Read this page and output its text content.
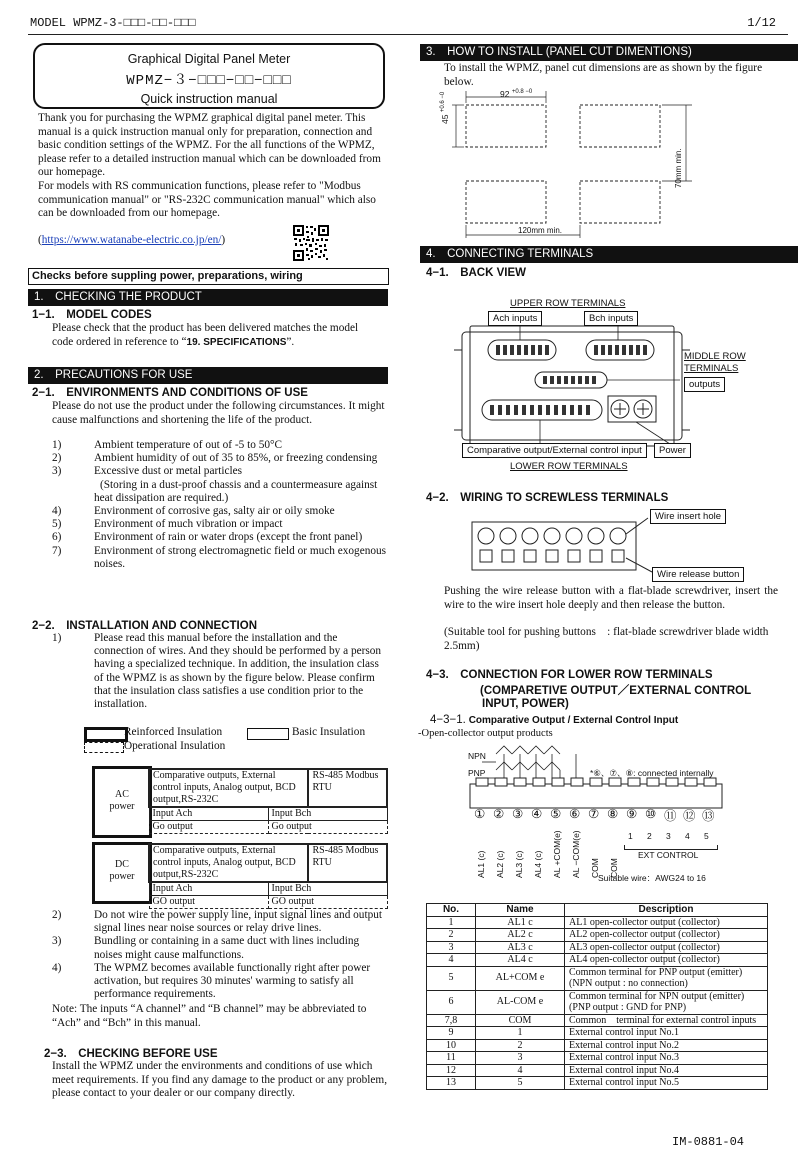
MODEL WPMZ-3-□□□-□□-□□□	1/12
Graphical Digital Panel Meter
WPMZ−３−□□□−□□−□□□
Quick instruction manual
Thank you for purchasing the WPMZ graphical digital panel meter. This manual is a quick instruction manual only for preparation, connection and basic condition settings of the WPMZ. For the all functions of the WPMZ, please refer to a detailed instruction manual which can be downloaded from our homepage.
For models with RS communication functions, please refer to "Modbus communication manual" or "RS-232C communication manual" which also can be downloaded from our homepage.
(https://www.watanabe-electric.co.jp/en/)
Checks before suppling power, preparations, wiring
1.　CHECKING THE PRODUCT
1−1.　MODEL CODES
Please check that the product has been delivered matches the model code ordered in reference to “19. SPECIFICATIONS”.
2.　PRECAUTIONS FOR USE
2−1.　ENVIRONMENTS AND CONDITIONS OF USE
Please do not use the product under the following circumstances. It might cause malfunctions and shortening the life of the product.
1)	Ambient temperature of out of -5 to 50°C
2)	Ambient humidity of out of 35 to 85%, or freezing condensing
3)	Excessive dust or metal particles
(Storing in a dust-proof chassis and a countermeasure against heat dissipation are required.)
4)	Environment of corrosive gas, salty air or oily smoke
5)	Environment of much vibration or impact
6)	Environment of rain or water drops (except the front panel)
7)	Environment of strong electromagnetic field or much exogenous noises.
2−2.　INSTALLATION AND CONNECTION
1)	Please read this manual before the installation and the connection of wires. And they should be performed by a person having a specialized technique. In addition, the insulation class of the WPMZ is as shown by the figure below. Please confirm that the insulation class satisfies a use condition prior to the installation.
Reinforced Insulation	Basic Insulation
Operational Insulation
AC power
Comparative outputs, External control inputs, Analog output, BCD output,RS-232C		RS-485 Modbus RTU
Input Ach	Input Bch	
Go output	Go output	
DC power
Comparative outputs, External control inputs, Analog output, BCD output,RS-232C		RS-485 Modbus RTU
Input Ach	Input Bch	
GO output	GO output	
2)	Do not wire the power supply line, input signal lines and output signal lines near noise sources or relay drive lines.
3)	Bundling or containing in a same duct with lines including noises might cause malfunctions.
4)	The WPMZ becomes available functionally right after power activation, but requires 30 minutes' warming to satisfy all performance requirements.
Note: The inputs “A channel” and “B channel” may be abbreviated to “Ach” and “Bch” in this manual.
2−3.　CHECKING BEFORE USE
Install the WPMZ under the environments and conditions of use which meet requirements. If you find any damage to the product or any problem, please contact to your dealer or our company directly.
3.　HOW TO INSTALL (PANEL CUT DIMENTIONS)
To install the WPMZ, panel cut dimensions are as shown by the figure below.
92 $^{+0.8 -0}$
45 $^{+0.6 -0}$
70mm min.
120mm min.
4.　CONNECTING TERMINALS
4−1.　BACK VIEW
UPPER ROW TERMINALS
Ach inputs	Bch inputs
MIDDLE ROW TERMINALS
outputs
Comparative output/External control input	Power
LOWER ROW TERMINALS
4−2.　WIRING TO SCREWLESS TERMINALS
Wire insert hole
Wire release button
Pushing the wire release button with a flat-blade screwdriver, insert the wire to the wire insert hole deeply and then release the button.
(Suitable tool for pushing buttons　: flat-blade screwdriver blade width 2.5mm)
4−3.　CONNECTION FOR LOWER ROW TERMINALS
(COMPARETIVE OUTPUT／EXTERNAL CONTROL
INPUT, POWER)
4−3−1. Comparative Output / External Control Input
-Open-collector output products
NPN
PNP	*⑥、⑦、⑧: connected internally
① ② ③ ④ ⑤ ⑥ ⑦ ⑧ ⑨ ⑩ ⑪ ⑫ ⑬
AL1 (c) AL2 (c) AL3 (c) AL4 (c) AL +COM(e) AL −COM(e) COM COM
1 2 3 4 5
EXT CONTROL
Suitable wire：AWG24 to 16
No.	Name	Description
1	AL1 c	AL1 open-collector output (collector)
2	AL2 c	AL2 open-collector output (collector)
3	AL3 c	AL3 open-collector output (collector)
4	AL4 c	AL4 open-collector output (collector)
5	AL+COM e	Common terminal for PNP output (emitter)
(NPN output : no connection)
6	AL-COM e	Common terminal for NPN output (emitter)
(PNP output : GND for PNP)
7,8	COM	Common　terminal for external control inputs
9	1	External control input No.1
10	2	External control input No.2
11	3	External control input No.3
12	4	External control input No.4
13	5	External control input No.5
IM-0881-04
